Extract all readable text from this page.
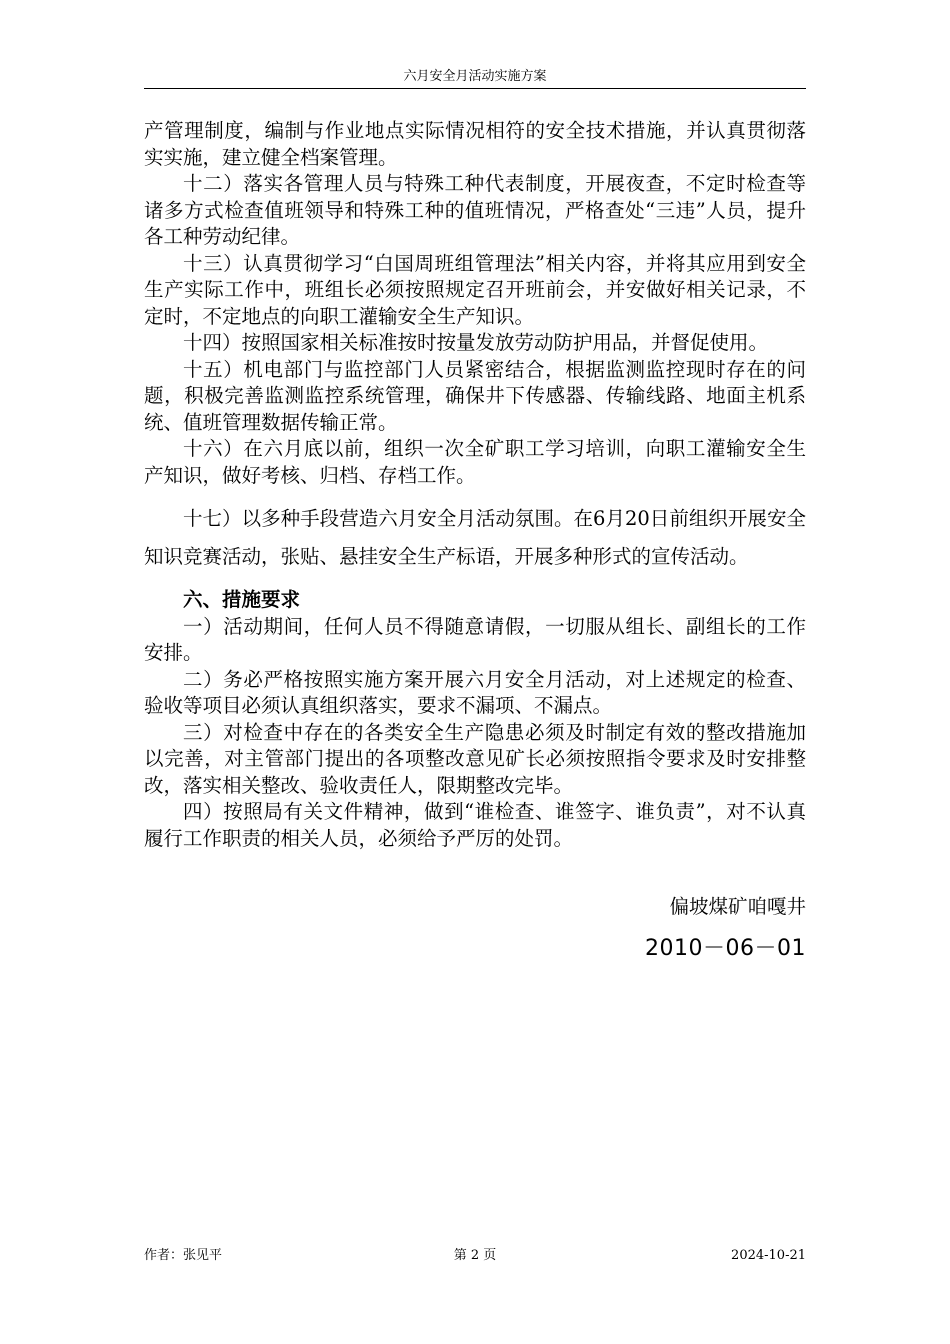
六月安全月活动实施方案

产管理制度，编制与作业地点实际情况相符的安全技术措施，并认真贯彻落实实施，建立健全档案管理。

十二）落实各管理人员与特殊工种代表制度，开展夜查，不定时检查等诸多方式检查值班领导和特殊工种的值班情况，严格查处“三违”人员，提升各工种劳动纪律。

十三）认真贯彻学习“白国周班组管理法”相关内容，并将其应用到安全生产实际工作中，班组长必须按照规定召开班前会，并安做好相关记录，不定时，不定地点的向职工灌输安全生产知识。

十四）按照国家相关标准按时按量发放劳动防护用品，并督促使用。

十五）机电部门与监控部门人员紧密结合，根据监测监控现时存在的问题，积极完善监测监控系统管理，确保井下传感器、传输线路、地面主机系统、值班管理数据传输正常。

十六）在六月底以前，组织一次全矿职工学习培训，向职工灌输安全生产知识，做好考核、归档、存档工作。

十七）以多种手段营造六月安全月活动氛围。在6月20日前组织开展安全知识竞赛活动，张贴、悬挂安全生产标语，开展多种形式的宣传活动。

六、措施要求

一）活动期间，任何人员不得随意请假，一切服从组长、副组长的工作安排。

二）务必严格按照实施方案开展六月安全月活动，对上述规定的检查、验收等项目必须认真组织落实，要求不漏项、不漏点。

三）对检查中存在的各类安全生产隐患必须及时制定有效的整改措施加以完善，对主管部门提出的各项整改意见矿长必须按照指令要求及时安排整改，落实相关整改、验收责任人，限期整改完毕。

四）按照局有关文件精神，做到“谁检查、谁签字、谁负责”，对不认真履行工作职责的相关人员，必须给予严厉的处罚。

偏坡煤矿咱嘎井
2010－06－01
作者：张见平	第 2 页	2024-10-21
